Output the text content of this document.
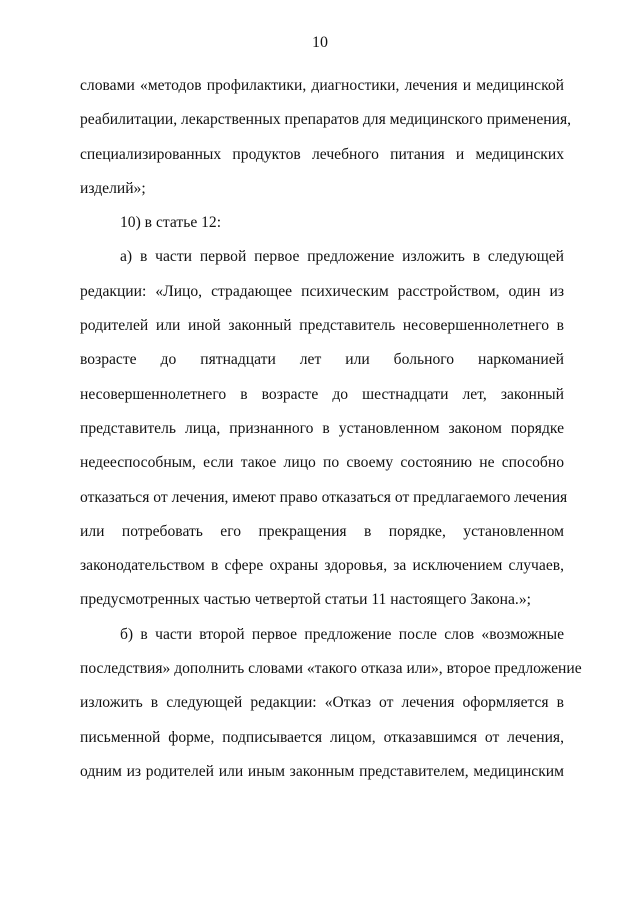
10
словами «методов профилактики, диагностики, лечения и медицинской
реабилитации, лекарственных препаратов для медицинского применения,
специализированных продуктов лечебного питания и медицинских
изделий»;
10) в статье 12:
а) в части первой первое предложение изложить в следующей
редакции: «Лицо, страдающее психическим расстройством, один из
родителей или иной законный представитель несовершеннолетнего в
возрасте до пятнадцати лет или больного наркоманией
несовершеннолетнего в возрасте до шестнадцати лет, законный
представитель лица, признанного в установленном законом порядке
недееспособным, если такое лицо по своему состоянию не способно
отказаться от лечения, имеют право отказаться от предлагаемого лечения
или потребовать его прекращения в порядке, установленном
законодательством в сфере охраны здоровья, за исключением случаев,
предусмотренных частью четвертой статьи 11 настоящего Закона.»;
б) в части второй первое предложение после слов «возможные
последствия» дополнить словами «такого отказа или», второе предложение
изложить в следующей редакции: «Отказ от лечения оформляется в
письменной форме, подписывается лицом, отказавшимся от лечения,
одним из родителей или иным законным представителем, медицинским
